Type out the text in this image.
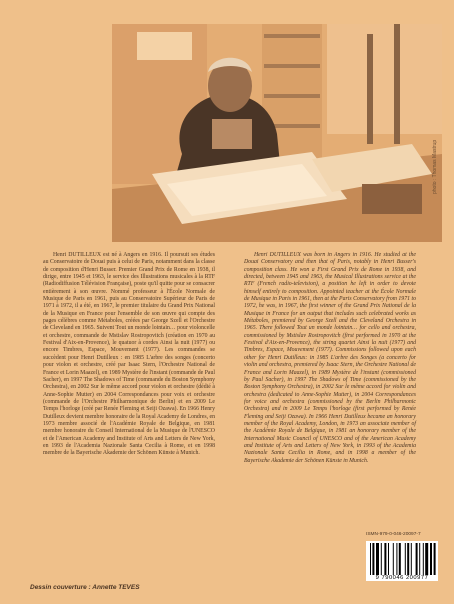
photo : Thomas Mastrup

Henri DUTILLEUX est né à Angers en 1916. Il poursuit ses études au Conservatoire de Douai puis à celui de Paris, notamment dans la classe de composition d'Henri Busser. Premier Grand Prix de Rome en 1938, il dirige, entre 1945 et 1963, le service des Illustrations musicales à la RTF (Radiodiffusion Télévision Française), poste qu'il quitte pour se consacrer entièrement à son œuvre. Nommé professeur à l'École Normale de Musique de Paris en 1961, puis au Conservatoire Supérieur de Paris de 1971 à 1972, il a été, en 1967, le premier titulaire du Grand Prix National de la Musique en France pour l'ensemble de son œuvre qui compte des pages célèbres comme Métaboles, créées par George Szell et l'Orchestre de Cleveland en 1965. Suivent Tout un monde lointain… pour violoncelle et orchestre, commande de Mstislav Rostropovitch (création en 1970 au Festival d'Aix-en-Provence), le quatuor à cordes Ainsi la nuit (1977) ou encore Timbres, Espace, Mouvement (1977). Les commandes se succèdent pour Henri Dutilleux : en 1985 L'arbre des songes (concerto pour violon et orchestre, créé par Isaac Stern, l'Orchestre National de France et Lorin Maazel), en 1989 Mystère de l'instant (commande de Paul Sacher), en 1997 The Shadows of Time (commande du Boston Symphony Orchestra), en 2002 Sur le même accord pour violon et orchestre (dédié à Anne-Sophie Mutter) en 2004 Correspondances pour voix et orchestre (commande de l'Orchestre Philharmonique de Berlin) et en 2009 Le Temps l'horloge (créé par Renée Fleming et Seiji Ozawa). En 1966 Henry Dutilleux devient membre honoraire de la Royal Academy de Londres, en 1973 membre associé de l'Académie Royale de Belgique, en 1981 membre honoraire du Conseil International de la Musique de l'UNESCO et de l'American Academy and Institute of Arts and Letters de New York, en 1993 de l'Academia Nazionale Santa Cecilia à Rome, et en 1998 membre de la Bayerische Akademie der Schönen Künste à Munich.

Henri DUTILLEUX was born in Angers in 1916. He studied at the Douai Conservatory and then that of Paris, notably in Henri Busser's composition class. He won a First Grand Prix de Rome in 1938, and directed, between 1945 and 1963, the Musical Illustrations service at the RTF (French radio-television), a position he left in order to devote himself entirely to composition. Appointed teacher at the École Normale de Musique in Paris in 1961, then at the Paris Conservatory from 1971 to 1972, he was, in 1967, the first winner of the Grand Prix National de la Musique in France for an output that includes such celebrated works as Métaboles, premiered by George Szell and the Cleveland Orchestra in 1965. There followed Tout un monde lointain… for cello and orchestra, commissioned by Mstislav Rostropovitch (first performed in 1970 at the Festival d'Aix-en-Provence), the string quartet Ainsi la nuit (1977) and Timbres, Espace, Mouvement (1977). Commissions followed upon each other for Henri Dutilleux: in 1985 L'arbre des Songes (a concerto for violin and orchestra, premiered by Isaac Stern, the Orchestre National de France and Lorin Maazel), in 1989 Mystère de l'instant (commissioned by Paul Sacher), in 1997 The Shadows of Time (commissioned by the Boston Symphony Orchestra), in 2002 Sur le même accord for violin and orchestra (dedicated to Anne-Sophie Mutter), in 2004 Correspondances for voice and orchestra (commissioned by the Berlin Philharmonic Orchestra) and in 2009 Le Temps l'horloge (first performed by Renée Fleming and Seiji Ozawa). In 1966 Henri Dutilleux became an honorary member of the Royal Academy, London, in 1973 an associate member of the Académie Royale de Belgique, in 1981 an honorary member of the International Music Council of UNESCO and of the American Academy and Institute of Arts and Letters of New York, in 1993 of the Academia Nazionale Santa Cecilia in Rome, and in 1998 a member of the Bayerische Akademie der Schönen Künste in Munich.

ISMN-979-0-046-20097-7
9 790046 200977
Dessin couverture : Annette TEVES
